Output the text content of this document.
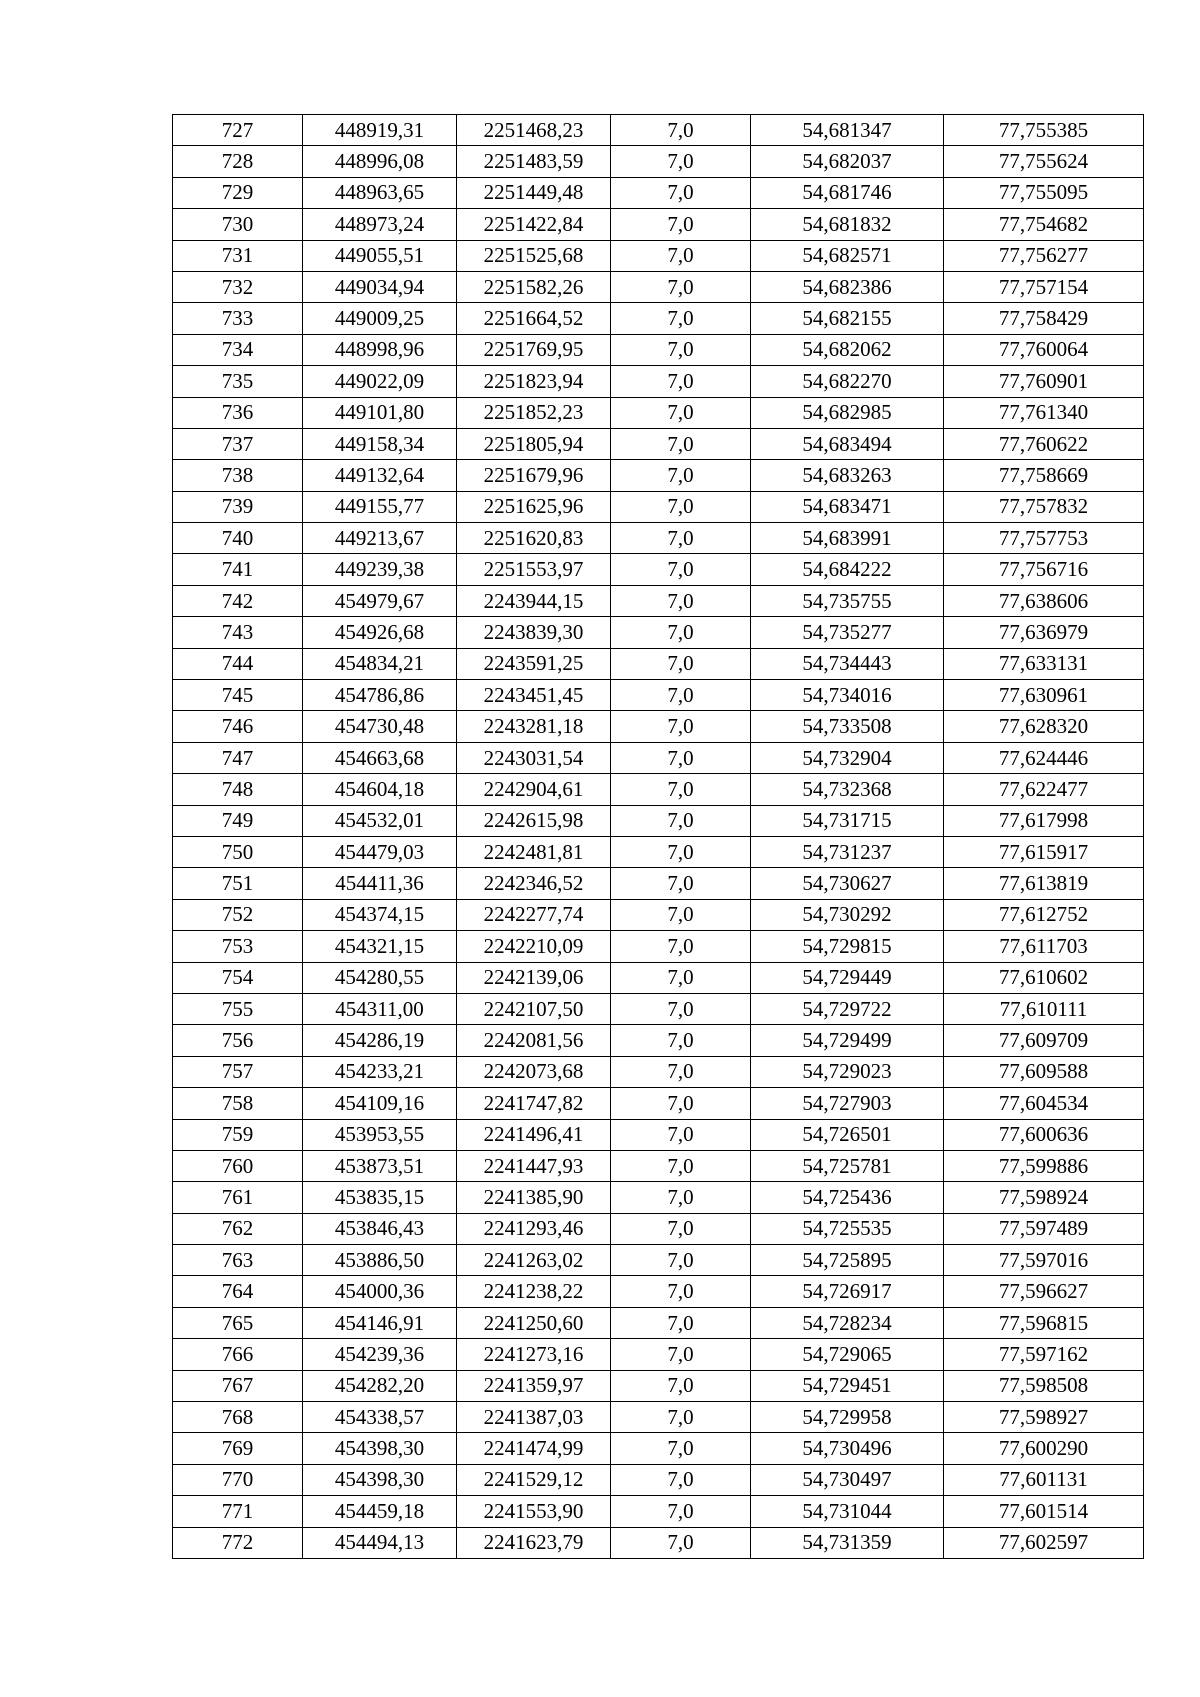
727	448919,31	2251468,23	7,0	54,681347	77,755385
728	448996,08	2251483,59	7,0	54,682037	77,755624
729	448963,65	2251449,48	7,0	54,681746	77,755095
730	448973,24	2251422,84	7,0	54,681832	77,754682
731	449055,51	2251525,68	7,0	54,682571	77,756277
732	449034,94	2251582,26	7,0	54,682386	77,757154
733	449009,25	2251664,52	7,0	54,682155	77,758429
734	448998,96	2251769,95	7,0	54,682062	77,760064
735	449022,09	2251823,94	7,0	54,682270	77,760901
736	449101,80	2251852,23	7,0	54,682985	77,761340
737	449158,34	2251805,94	7,0	54,683494	77,760622
738	449132,64	2251679,96	7,0	54,683263	77,758669
739	449155,77	2251625,96	7,0	54,683471	77,757832
740	449213,67	2251620,83	7,0	54,683991	77,757753
741	449239,38	2251553,97	7,0	54,684222	77,756716
742	454979,67	2243944,15	7,0	54,735755	77,638606
743	454926,68	2243839,30	7,0	54,735277	77,636979
744	454834,21	2243591,25	7,0	54,734443	77,633131
745	454786,86	2243451,45	7,0	54,734016	77,630961
746	454730,48	2243281,18	7,0	54,733508	77,628320
747	454663,68	2243031,54	7,0	54,732904	77,624446
748	454604,18	2242904,61	7,0	54,732368	77,622477
749	454532,01	2242615,98	7,0	54,731715	77,617998
750	454479,03	2242481,81	7,0	54,731237	77,615917
751	454411,36	2242346,52	7,0	54,730627	77,613819
752	454374,15	2242277,74	7,0	54,730292	77,612752
753	454321,15	2242210,09	7,0	54,729815	77,611703
754	454280,55	2242139,06	7,0	54,729449	77,610602
755	454311,00	2242107,50	7,0	54,729722	77,610111
756	454286,19	2242081,56	7,0	54,729499	77,609709
757	454233,21	2242073,68	7,0	54,729023	77,609588
758	454109,16	2241747,82	7,0	54,727903	77,604534
759	453953,55	2241496,41	7,0	54,726501	77,600636
760	453873,51	2241447,93	7,0	54,725781	77,599886
761	453835,15	2241385,90	7,0	54,725436	77,598924
762	453846,43	2241293,46	7,0	54,725535	77,597489
763	453886,50	2241263,02	7,0	54,725895	77,597016
764	454000,36	2241238,22	7,0	54,726917	77,596627
765	454146,91	2241250,60	7,0	54,728234	77,596815
766	454239,36	2241273,16	7,0	54,729065	77,597162
767	454282,20	2241359,97	7,0	54,729451	77,598508
768	454338,57	2241387,03	7,0	54,729958	77,598927
769	454398,30	2241474,99	7,0	54,730496	77,600290
770	454398,30	2241529,12	7,0	54,730497	77,601131
771	454459,18	2241553,90	7,0	54,731044	77,601514
772	454494,13	2241623,79	7,0	54,731359	77,602597
